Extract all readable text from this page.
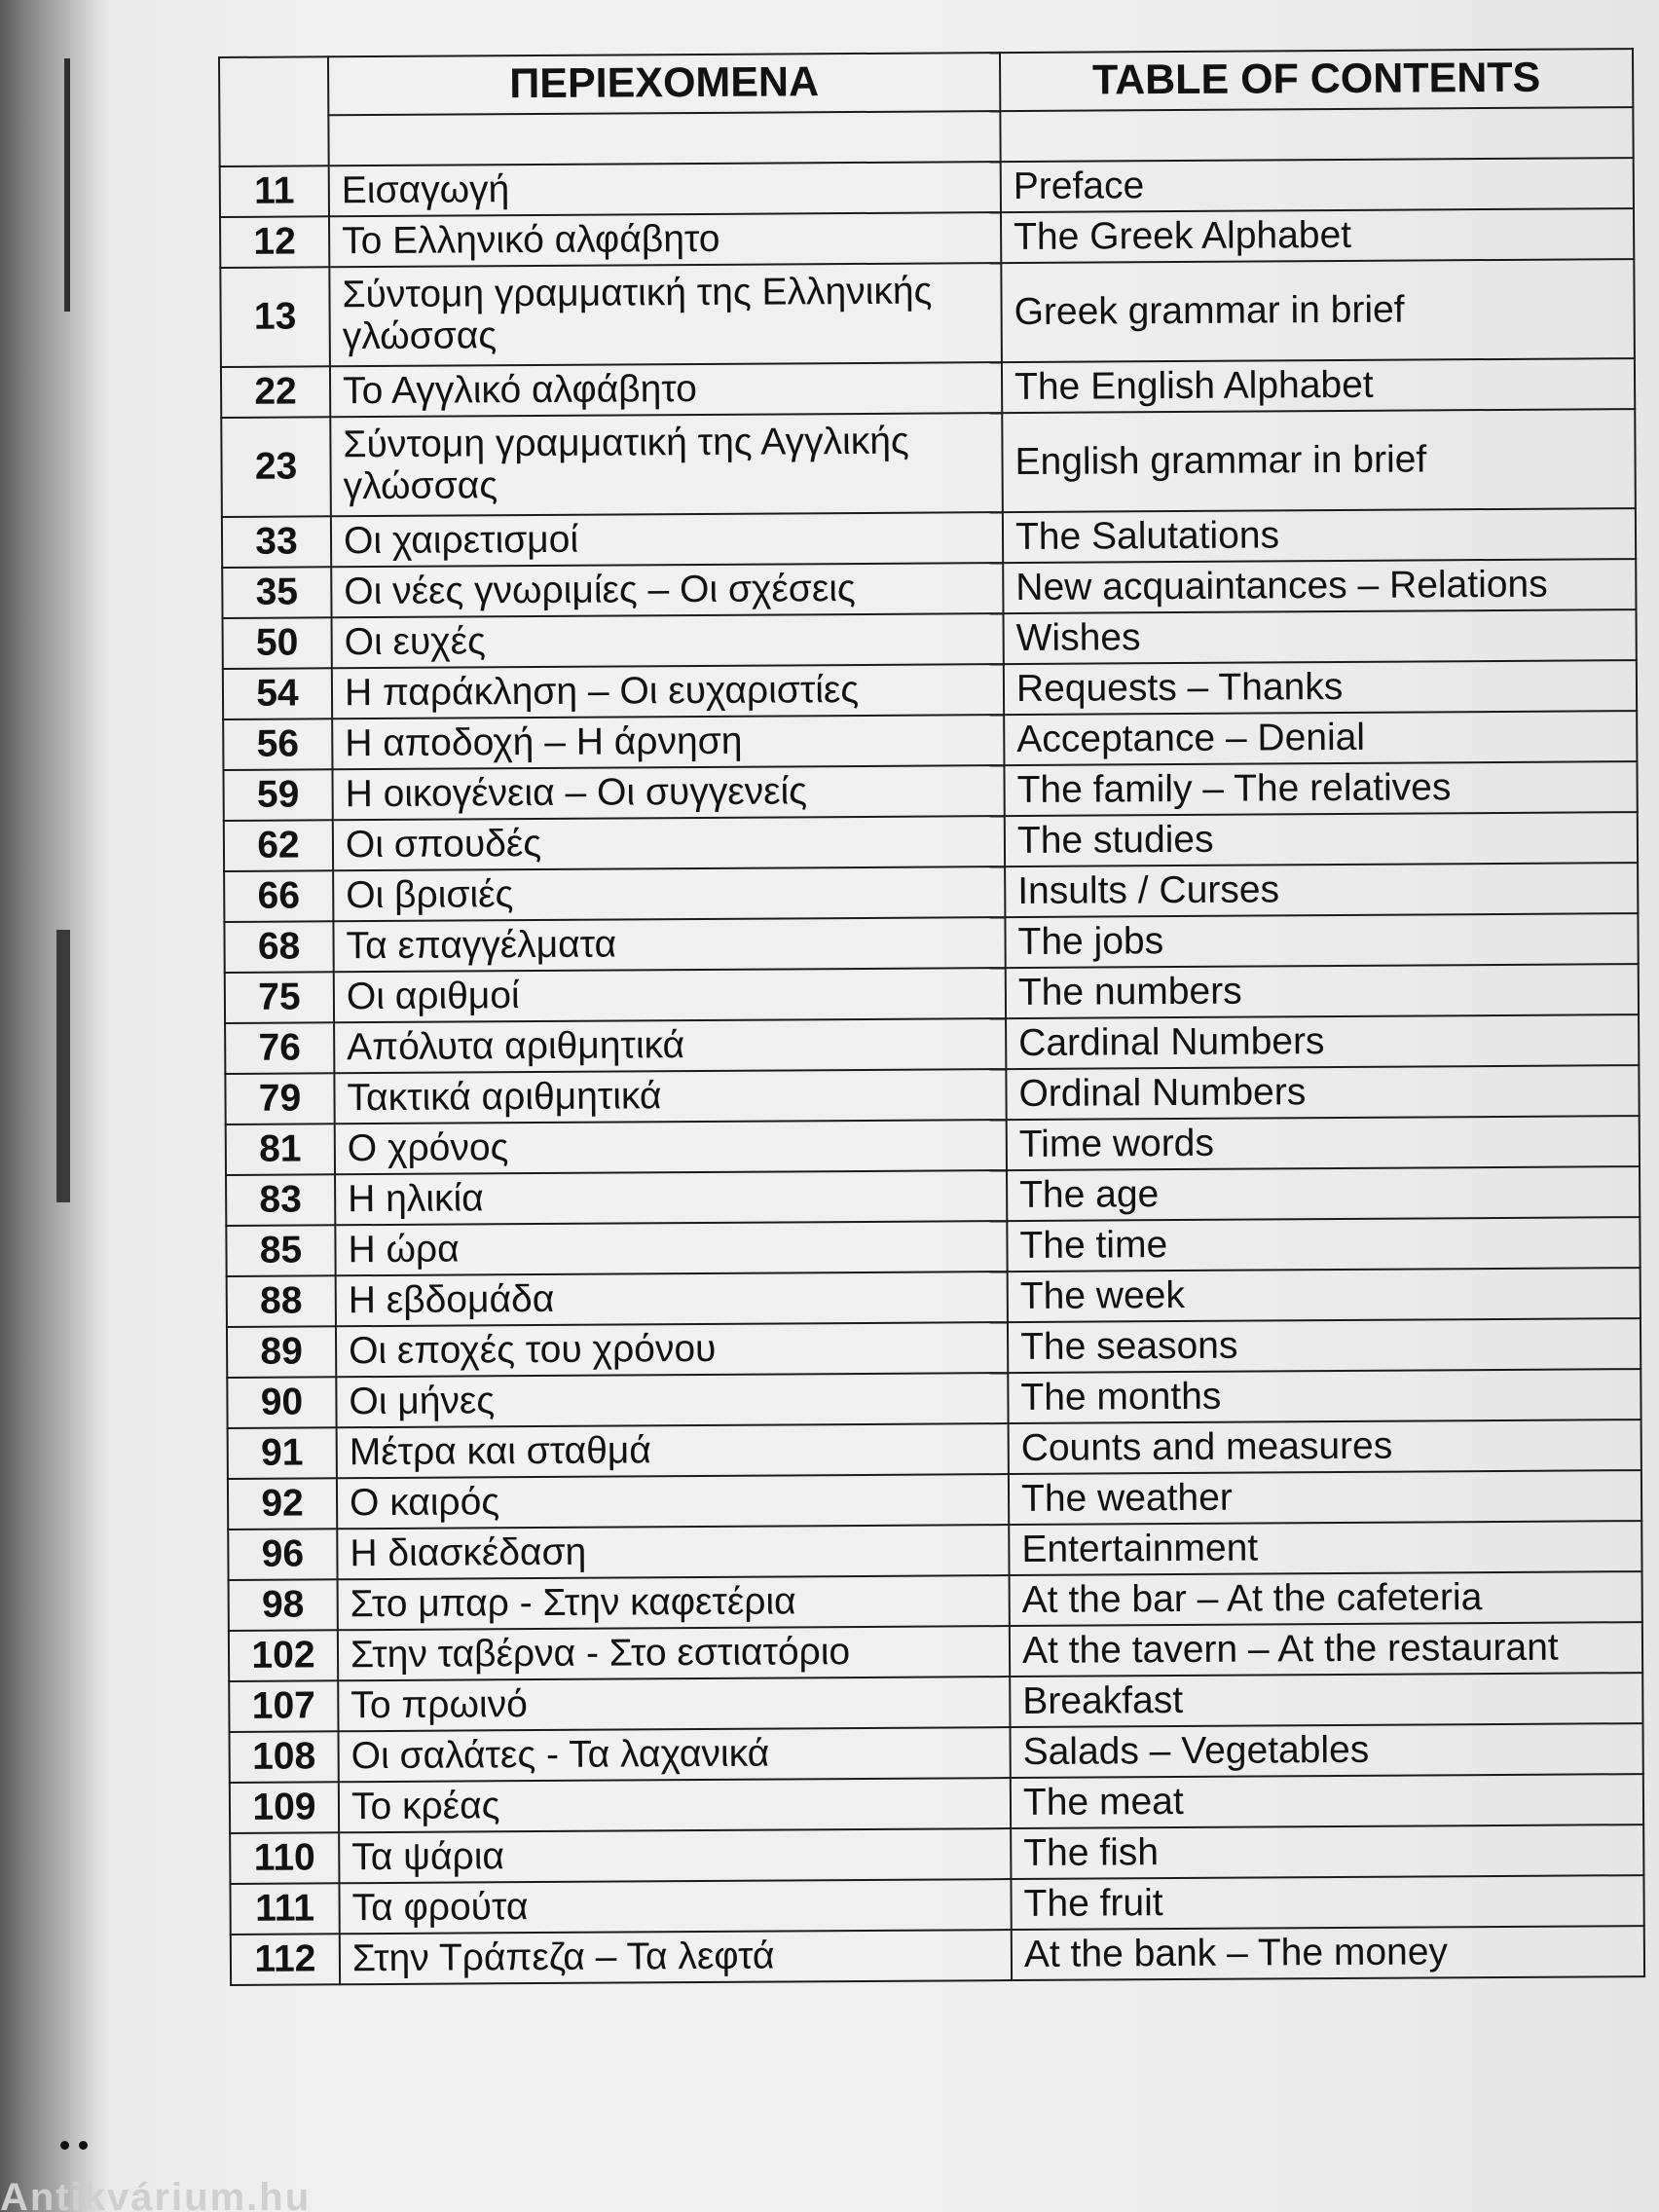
Antikvárium.hu
	ΠΕΡΙΕΧΟΜΕΝΑ	TABLE OF CONTENTS

11	Εισαγωγή	Preface
12	Το Ελληνικό αλφάβητο	The Greek Alphabet
13	Σύντομη γραμματική της Ελληνικής γλώσσας	Greek grammar in brief
22	Το Αγγλικό αλφάβητο	The English Alphabet
23	Σύντομη γραμματική της Αγγλικής γλώσσας	English grammar in brief
33	Οι χαιρετισμοί	The Salutations
35	Οι νέες γνωριμίες – Οι σχέσεις	New acquaintances – Relations
50	Οι ευχές	Wishes
54	Η παράκληση – Οι ευχαριστίες	Requests – Thanks
56	Η αποδοχή – Η άρνηση	Acceptance – Denial
59	Η οικογένεια – Οι συγγενείς	The family – The relatives
62	Οι σπουδές	The studies
66	Οι βρισιές	Insults / Curses
68	Τα επαγγέλματα	The jobs
75	Οι αριθμοί	The numbers
76	Απόλυτα αριθμητικά	Cardinal Numbers
79	Τακτικά αριθμητικά	Ordinal Numbers
81	Ο χρόνος	Time words
83	Η ηλικία	The age
85	Η ώρα	The time
88	Η εβδομάδα	The week
89	Οι εποχές του χρόνου	The seasons
90	Οι μήνες	The months
91	Μέτρα και σταθμά	Counts and measures
92	Ο καιρός	The weather
96	Η διασκέδαση	Entertainment
98	Στο μπαρ - Στην καφετέρια	At the bar – At the cafeteria
102	Στην ταβέρνα - Στο εστιατόριο	At the tavern – At the restaurant
107	Το πρωινό	Breakfast
108	Οι σαλάτες - Τα λαχανικά	Salads – Vegetables
109	Το κρέας	The meat
110	Τα ψάρια	The fish
111	Τα φρούτα	The fruit
112	Στην Τράπεζα – Τα λεφτά	At the bank – The money
